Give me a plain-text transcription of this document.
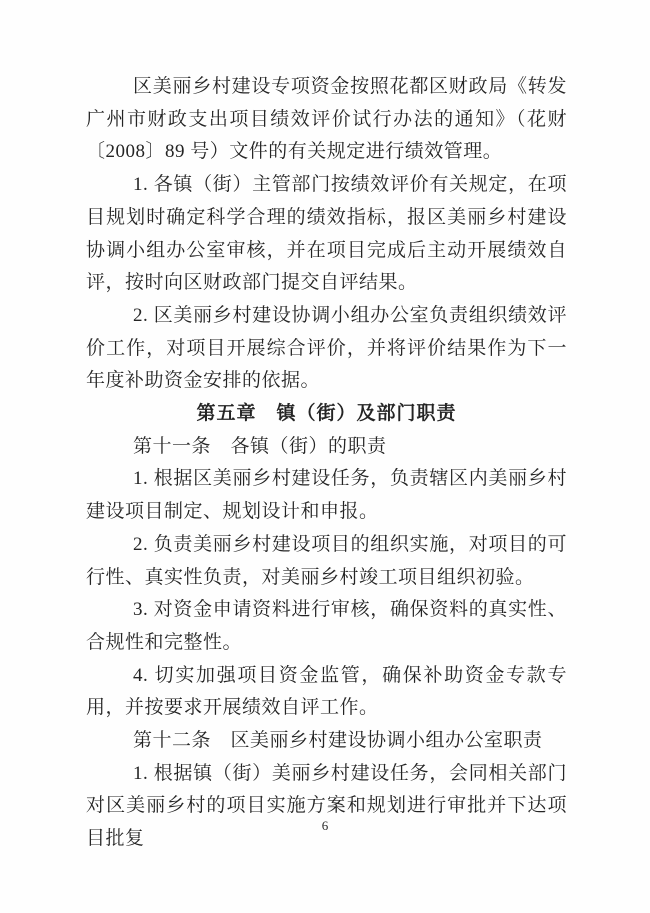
区美丽乡村建设专项资金按照花都区财政局《转发广州市财政支出项目绩效评价试行办法的通知》（花财〔2008〕89 号）文件的有关规定进行绩效管理。

1. 各镇（街）主管部门按绩效评价有关规定，在项目规划时确定科学合理的绩效指标，报区美丽乡村建设协调小组办公室审核，并在项目完成后主动开展绩效自评，按时向区财政部门提交自评结果。

2. 区美丽乡村建设协调小组办公室负责组织绩效评价工作，对项目开展综合评价，并将评价结果作为下一年度补助资金安排的依据。

第五章　镇（街）及部门职责

第十一条　各镇（街）的职责

1. 根据区美丽乡村建设任务，负责辖区内美丽乡村建设项目制定、规划设计和申报。

2. 负责美丽乡村建设项目的组织实施，对项目的可行性、真实性负责，对美丽乡村竣工项目组织初验。

3. 对资金申请资料进行审核，确保资料的真实性、合规性和完整性。

4. 切实加强项目资金监管，确保补助资金专款专用，并按要求开展绩效自评工作。

第十二条　区美丽乡村建设协调小组办公室职责

1. 根据镇（街）美丽乡村建设任务，会同相关部门对区美丽乡村的项目实施方案和规划进行审批并下达项目批复

6
